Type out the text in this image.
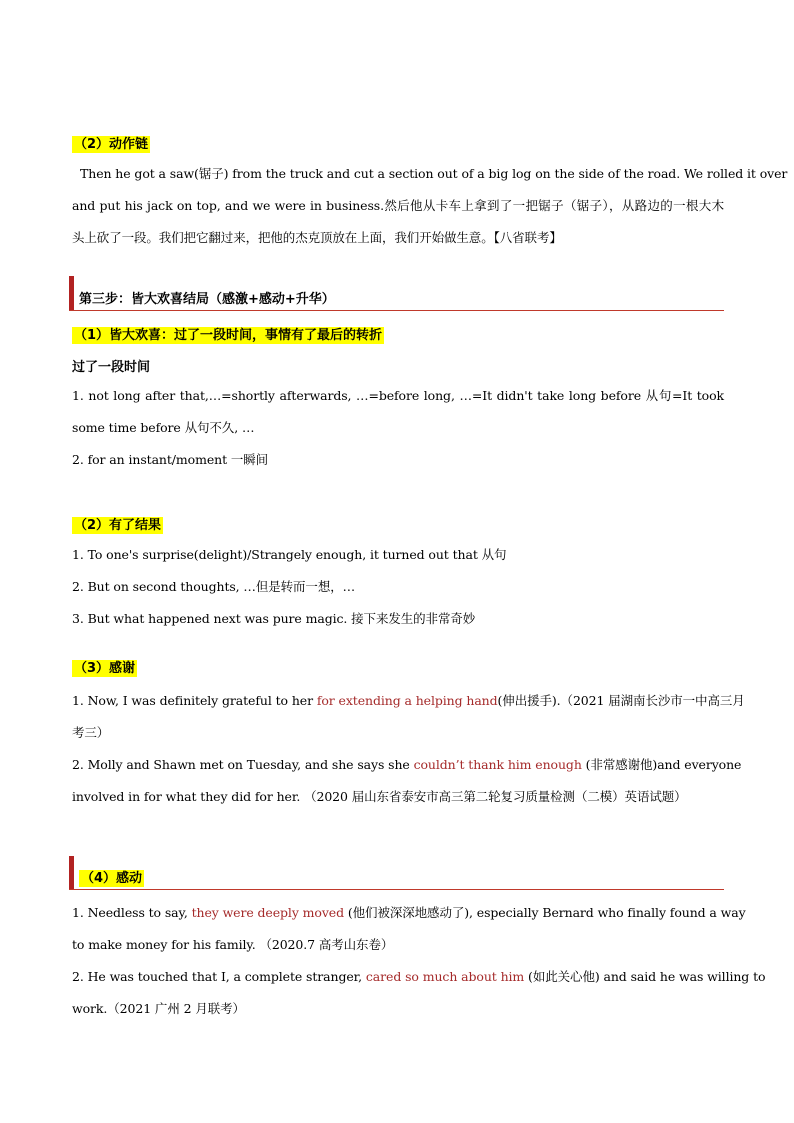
（2）动作链
Then he got a saw(锯子) from the truck and cut a section out of a big log on the side of the road. We rolled it over
and put his jack on top, and we were in business.然后他从卡车上拿到了一把锯子（锯子），从路边的一根大木
头上砍了一段。我们把它翻过来，把他的杰克顶放在上面，我们开始做生意。【八省联考】
第三步：皆大欢喜结局（感激+感动+升华）
（1）皆大欢喜：过了一段时间，事情有了最后的转折
过了一段时间
1. not long after that,…=shortly afterwards, …=before long, …=It didn't take long before 从句=It took
some time before 从句不久, …
2. for an instant/moment 一瞬间
（2）有了结果
1. To one's surprise(delight)/Strangely enough, it turned out that 从句
2. But on second thoughts, …但是转而一想，…
3. But what happened next was pure magic. 接下来发生的非常奇妙
（3）感谢
1. Now, I was definitely grateful to her for extending a helping hand(伸出援手).（2021 届湖南长沙市一中高三月
考三）
2. Molly and Shawn met on Tuesday, and she says she couldn’t thank him enough (非常感谢他)and everyone
involved in for what they did for her. （2020 届山东省泰安市高三第二轮复习质量检测（二模）英语试题）
（4）感动
1. Needless to say, they were deeply moved (他们被深深地感动了), especially Bernard who finally found a way
to make money for his family. （2020.7 高考山东卷）
2. He was touched that I, a complete stranger, cared so much about him (如此关心他) and said he was willing to
work.（2021 广州 2 月联考）
